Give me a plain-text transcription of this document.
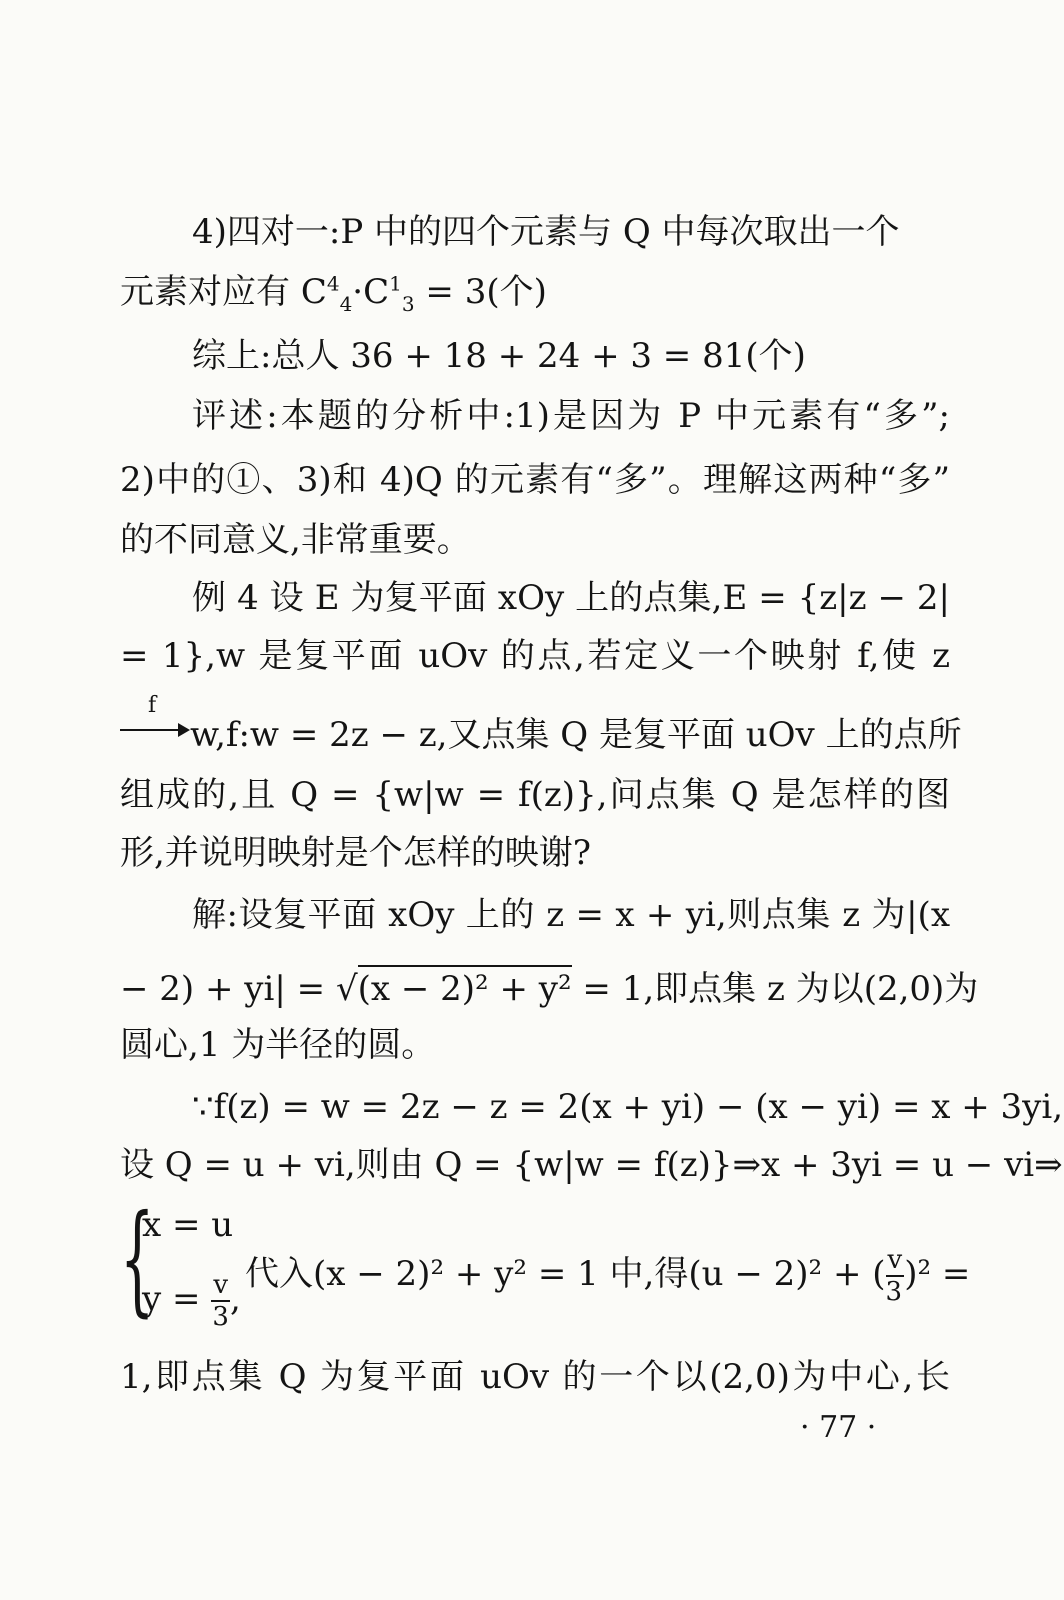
4)四对一:P 中的四个元素与 Q 中每次取出一个
元素对应有 $C^4_4\cdot C^1_3 = 3$(个)
综上:总人 36 + 18 + 24 + 3 = 81(个)
评述:本题的分析中:1)是因为 P 中元素有“多”;
2)中的①、3)和 4)Q 的元素有“多”。理解这两种“多”
的不同意义,非常重要。
例 4 设 E 为复平面 xOy 上的点集,E = {z|z − 2|
= 1},w 是复平面 uOv 的点,若定义一个映射 f,使 z
f
w,f:w = 2z − z,又点集 Q 是复平面 uOv 上的点所
组成的,且 Q = {w|w = f(z)},问点集 Q 是怎样的图
形,并说明映射是个怎样的映谢?
解:设复平面 xOy 上的 z = x + yi,则点集 z 为|(x
− 2) + yi| = √(x − 2)² + y² = 1,即点集 z 为以(2,0)为
圆心,1 为半径的圆。
∵f(z) = w = 2z − z = 2(x + yi) − (x − yi) = x + 3yi,
设 Q = u + vi,则由 Q = {w|w = f(z)}⇒x + 3yi = u − vi⇒
{
x = u
$y = \frac{v}{3}$ ,
代入(x − 2)² + y² = 1 中,得(u − 2)² + ( $\frac{v}{3} )^2$ =
1,即点集 Q 为复平面 uOv 的一个以(2,0)为中心,长
· 77 ·
